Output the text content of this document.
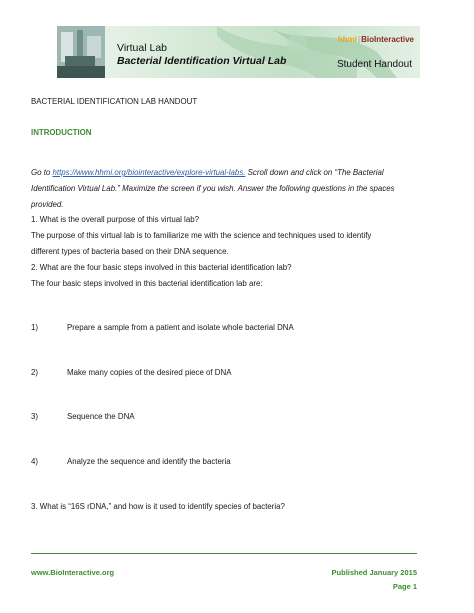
Virtual Lab
Bacterial Identification Virtual Lab
hhmi|BioInteractive
Student Handout
BACTERIAL IDENTIFICATION LAB HANDOUT
INTRODUCTION
Go to https://www.hhmi.org/biointeractive/explore-virtual-labs. Scroll down and click on “The Bacterial
Identification Virtual Lab.” Maximize the screen if you wish. Answer the following questions in the spaces
provided.
1. What is the overall purpose of this virtual lab?
The purpose of this virtual lab is to familiarize me with the science and techniques used to identify
different types of bacteria based on their DNA sequence.
2. What are the four basic steps involved in this bacterial identification lab?
The four basic steps involved in this bacterial identification lab are:
1)	Prepare a sample from a patient and isolate whole bacterial DNA
2)	Make many copies of the desired piece of DNA
3)	Sequence the DNA
4)	Analyze the sequence and identify the bacteria
3. What is “16S rDNA,” and how is it used to identify species of bacteria?
www.BioInteractive.org	Published January 2015
Page 1
